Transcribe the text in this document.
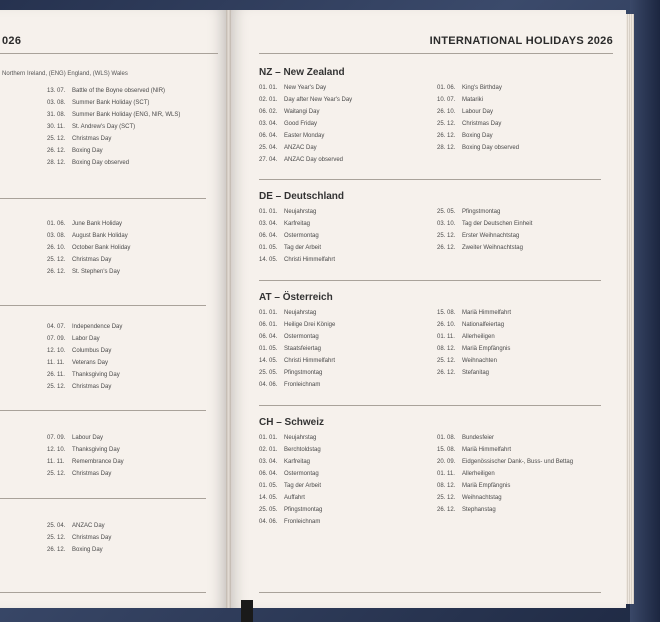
026
Northern Ireland, (ENG) England, (WLS) Wales
13. 07.	Battle of the Boyne observed (NIR)
03. 08.	Summer Bank Holiday (SCT)
31. 08.	Summer Bank Holiday (ENG, NIR, WLS)
30. 11.	St. Andrew's Day (SCT)
25. 12.	Christmas Day
26. 12.	Boxing Day
28. 12.	Boxing Day observed
01. 06.	June Bank Holiday
03. 08.	August Bank Holiday
26. 10.	October Bank Holiday
25. 12.	Christmas Day
26. 12.	St. Stephen's Day
04. 07.	Independence Day
07. 09.	Labor Day
12. 10.	Columbus Day
11. 11.	Veterans Day
26. 11.	Thanksgiving Day
25. 12.	Christmas Day
07. 09.	Labour Day
12. 10.	Thanksgiving Day
11. 11.	Remembrance Day
25. 12.	Christmas Day
25. 04.	ANZAC Day
25. 12.	Christmas Day
26. 12.	Boxing Day
INTERNATIONAL HOLIDAYS 2026
NZ – New Zealand
01. 01.	New Year's Day
02. 01.	Day after New Year's Day
06. 02.	Waitangi Day
03. 04.	Good Friday
06. 04.	Easter Monday
25. 04.	ANZAC Day
27. 04.	ANZAC Day observed
01. 06.	King's Birthday
10. 07.	Matariki
26. 10.	Labour Day
25. 12.	Christmas Day
26. 12.	Boxing Day
28. 12.	Boxing Day observed
DE – Deutschland
01. 01.	Neujahrstag
03. 04.	Karfreitag
06. 04.	Ostermontag
01. 05.	Tag der Arbeit
14. 05.	Christi Himmelfahrt
25. 05.	Pfingstmontag
03. 10.	Tag der Deutschen Einheit
25. 12.	Erster Weihnachtstag
26. 12.	Zweiter Weihnachtstag
AT – Österreich
01. 01.	Neujahrstag
06. 01.	Heilige Drei Könige
06. 04.	Ostermontag
01. 05.	Staatsfeiertag
14. 05.	Christi Himmelfahrt
25. 05.	Pfingstmontag
04. 06.	Fronleichnam
15. 08.	Mariä Himmelfahrt
26. 10.	Nationalfeiertag
01. 11.	Allerheiligen
08. 12.	Mariä Empfängnis
25. 12.	Weihnachten
26. 12.	Stefanitag
CH – Schweiz
01. 01.	Neujahrstag
02. 01.	Berchtoldstag
03. 04.	Karfreitag
06. 04.	Ostermontag
01. 05.	Tag der Arbeit
14. 05.	Auffahrt
25. 05.	Pfingstmontag
04. 06.	Fronleichnam
01. 08.	Bundesfeier
15. 08.	Mariä Himmelfahrt
20. 09.	Eidgenössischer Dank-, Buss- und Bettag
01. 11.	Allerheiligen
08. 12.	Mariä Empfängnis
25. 12.	Weihnachtstag
26. 12.	Stephanstag
